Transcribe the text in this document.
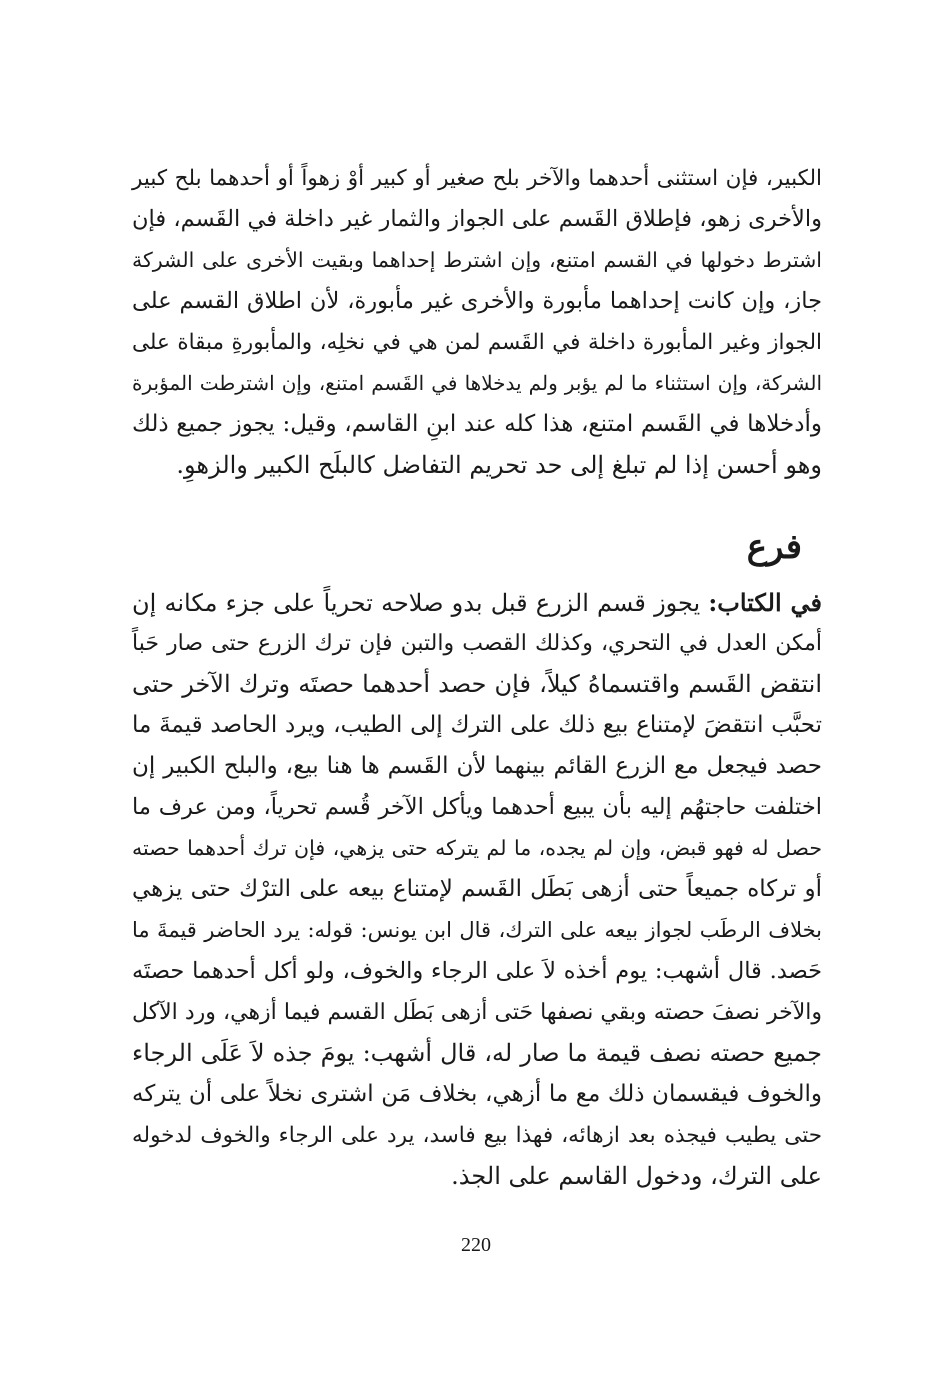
الكبير، فإن استثنى أحدهما والآخر بلح صغير أو كبير أوْ زهواً أو أحدهما بلح كبير
والأخرى زهو، فإطلاق القَسم على الجواز والثمار غير داخلة في القَسم، فإن
اشترط دخولها في القسم امتنع، وإن اشترط إحداهما وبقيت الأخرى على الشركة
جاز، وإن كانت إحداهما مأبورة والأخرى غير مأبورة، لأن اطلاق القسم على
الجواز وغير المأبورة داخلة في القَسم لمن هي في نخلِه، والمأبورةِ مبقاة على
الشركة، وإن استثناء ما لم يؤبر ولم يدخلاها في القَسم امتنع، وإن اشترطت المؤبرة
وأدخلاها في القَسم امتنع، هذا كله عند ابنِ القاسم، وقيل: يجوز جميع ذلك
وهو أحسن إذا لم تبلغ إلى حد تحريم التفاضل كالبلَح الكبير والزهوِ.
فرع
في الكتاب: يجوز قسم الزرع قبل بدو صلاحه تحرياً على جزء مكانه إن
أمكن العدل في التحري، وكذلك القصب والتبن فإن ترك الزرع حتى صار حَباً
انتقض القَسم واقتسماهُ كيلاً، فإن حصد أحدهما حصتَه وترك الآخر حتى
تحبَّب انتقضَ لإمتناع بيع ذلك على الترك إلى الطيب، ويرد الحاصد قيمةَ ما
حصد فيجعل مع الزرع القائم بينهما لأن القَسم ها هنا بيع، والبلح الكبير إن
اختلفت حاجتهُم إليه بأن يبيع أحدهما ويأكل الآخر قُسم تحرياً، ومن عرف ما
حصل له فهو قبض، وإن لم يجده، ما لم يتركه حتى يزهي، فإن ترك أحدهما حصته
أو تركاه جميعاً حتى أزهى بَطَل القَسم لإمتناع بيعه على الترْك حتى يزهي
بخلاف الرطَب لجواز بيعه على الترك، قال ابن يونس: قوله: يرد الحاضر قيمةَ ما
حَصد. قال أشهب: يوم أخذه لاَ على الرجاء والخوف، ولو أكل أحدهما حصتَه
والآخر نصفَ حصته وبقي نصفها حَتى أزهى بَطَل القسم فيما أزهي، ورد الآكل
جميع حصته نصف قيمة ما صار له، قال أشهب: يومَ جذه لاَ عَلَى الرجاء
والخوف فيقسمان ذلك مع ما أزهي، بخلاف مَن اشترى نخلاً على أن يتركه
حتى يطيب فيجذه بعد ازهائه، فهذا بيع فاسد، يرد على الرجاء والخوف لدخوله
على الترك، ودخول القاسم على الجذ.
220
